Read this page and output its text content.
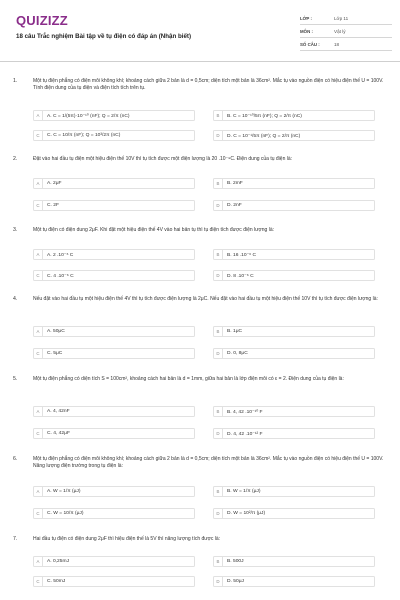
QUIZIZZ
18 câu Trắc nghiệm Bài tập về tụ điện có đáp án (Nhận biết)
LỚP :	Lớp 11
MÔN :	Vật lý
SỐ CÂU :	18
1.	Một tụ điện phẳng có điện môi không khí; khoảng cách giữa 2 bản là d = 0,5cm; diện tích một bản là 36cm². Mắc tụ vào nguồn điện có hiệu điện thế U = 100V. Tính điện dung của tụ điện và điện tích tích trên tụ.
A	A. C = 1/(5π)·10⁻¹⁰ (nF); Q = 2/π (nC)	B	B. C = 10⁻¹⁰/5π (nF); Q = 2/π (nC)
C	C. C = 10/π (nF); Q = 10³/2π (nC)	D	D. C = 10⁻¹/5π (nF); Q = 2/π (nC)
2.	Đặt vào hai đầu tụ điện một hiệu điện thế 10V thì tụ tích được một điện lượng là 20 .10⁻⁹C. Điện dung của tụ điện là:
A	A. 2μF	B	B. 2mF
C	C. 2F	D	D. 2nF
3.	Một tụ điện có điện dung 2μF. Khi đặt một hiệu điện thế 4V vào hai bản tụ thì tụ điện tích được điện lượng là:
A	A. 2 .10⁻⁶ C	B	B. 16 .10⁻⁶ C
C	C. 4 .10⁻⁶ C	D	D. 8 .10⁻⁶ C
4.	Nếu đặt vào hai đầu tụ một hiệu điện thế 4V thì tụ tích được điện lượng là 2μC. Nếu đặt vào hai đầu tụ một hiệu điện thế 10V thì tụ tích được điện lượng là:
A	A. 50μC	B	B. 1μC
C	C. 5μC	D	D. 0, 8μC
5.	Một tụ điện phẳng có diện tích S = 100cm², khoảng cách hai bản là d = 1mm, giữa hai bản là lớp điện môi có ε = 2. Điện dung của tụ điện là:
A	A. 4, 42nF	B	B. 4, 42 .10⁻¹⁰ F
C	C. 4, 42μF	D	D. 4, 42 .10⁻¹² F
6.	Một tụ điện phẳng có điện môi không khí; khoảng cách giữa 2 bản là d = 0,5cm; diện tích một bản là 36cm². Mắc tụ vào nguồn điện có hiệu điện thế U = 100V. Năng lượng điện trường trong tụ điện là:
A	A. W = 1/π (μJ)	B	B. W = 1/π (μJ)
C	C. W = 10/π (μJ)	D	D. W = 10²/π (μJ)
7.	Hai đầu tụ điện có điện dung 2μF thì hiệu điện thế là 5V thì năng lượng tích được là:
A	A. 0,25mJ	B	B. 500J
C	C. 50mJ	D	D. 50μJ
